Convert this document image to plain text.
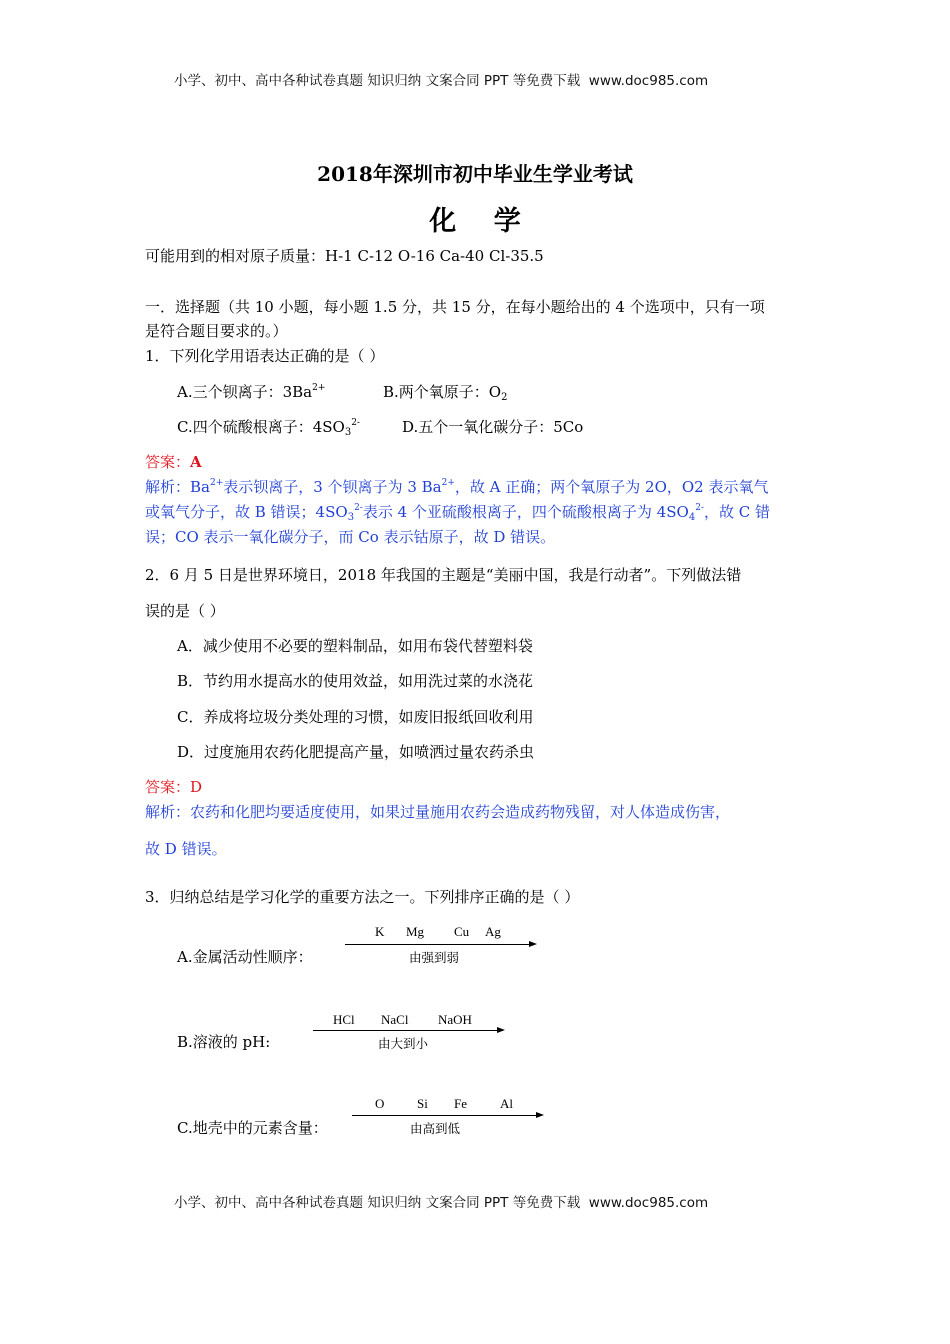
小学、初中、高中各种试卷真题 知识归纳 文案合同 PPT 等免费下载 www.doc985.com
2018年深圳市初中毕业生学业考试
化 学
可能用到的相对原子质量：H-1 C-12 O-16 Ca-40 Cl-35.5
一．选择题（共 10 小题，每小题 1.5 分，共 15 分，在每小题给出的 4 个选项中，只有一项
是符合题目要求的。）
1．下列化学用语表达正确的是（ ）
A.三个钡离子：$3Ba^{2+}$	B.两个氧原子：$O_2$
C.四个硫酸根离子：$4SO_3^{2-}$	D.五个一氧化碳分子：5Co
答案：A
解析：$Ba^{2+}$表示钡离子，3 个钡离子为 3 $Ba^{2+}$，故 A 正确；两个氧原子为 2O，O2 表示氧气
或氧气分子，故 B 错误；$4SO_3^{2-}$表示 4 个亚硫酸根离子，四个硫酸根离子为 $4SO_4^{2-}$，故 C 错
误；CO 表示一氧化碳分子，而 Co 表示钴原子，故 D 错误。
2．6 月 5 日是世界环境日，2018 年我国的主题是“美丽中国，我是行动者”。下列做法错
误的是（ ）
A．减少使用不必要的塑料制品，如用布袋代替塑料袋
B．节约用水提高水的使用效益，如用洗过菜的水浇花
C．养成将垃圾分类处理的习惯，如废旧报纸回收利用
D．过度施用农药化肥提高产量，如喷洒过量农药杀虫
答案：D
解析：农药和化肥均要适度使用，如果过量施用农药会造成药物残留，对人体造成伤害，
故 D 错误。
3．归纳总结是学习化学的重要方法之一。下列排序正确的是（ ）
A.金属活动性顺序：
K Mg Cu Ag
由强到弱
B.溶液的 pH:
HCl NaCl NaOH
由大到小
C.地壳中的元素含量：
O	Si Fe	Al
由高到低
小学、初中、高中各种试卷真题 知识归纳 文案合同 PPT 等免费下载 www.doc985.com
